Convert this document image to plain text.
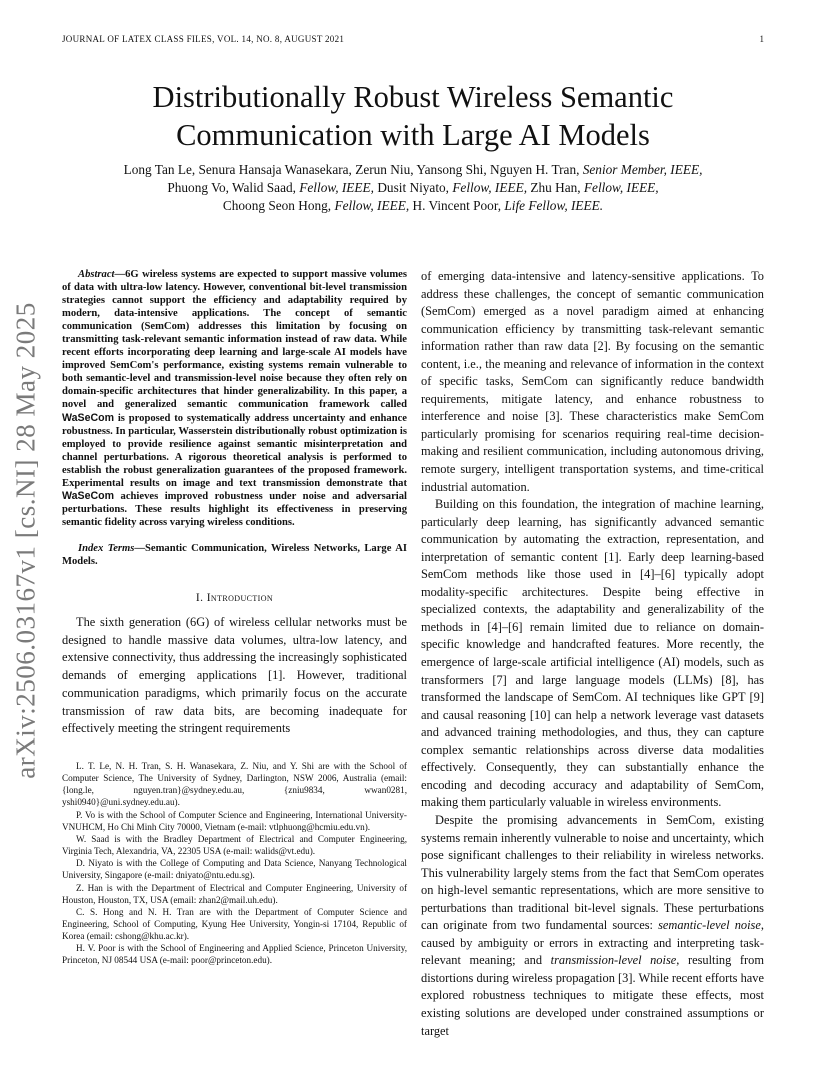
JOURNAL OF LATEX CLASS FILES, VOL. 14, NO. 8, AUGUST 2021	1
arXiv:2506.03167v1 [cs.NI] 28 May 2025
Distributionally Robust Wireless Semantic Communication with Large AI Models
Long Tan Le, Senura Hansaja Wanasekara, Zerun Niu, Yansong Shi, Nguyen H. Tran, Senior Member, IEEE,
Phuong Vo, Walid Saad, Fellow, IEEE, Dusit Niyato, Fellow, IEEE, Zhu Han, Fellow, IEEE,
Choong Seon Hong, Fellow, IEEE, H. Vincent Poor, Life Fellow, IEEE.

Abstract—6G wireless systems are expected to support massive volumes of data with ultra-low latency. However, conventional bit-level transmission strategies cannot support the efficiency and adaptability required by modern, data-intensive applications. The concept of semantic communication (SemCom) addresses this limitation by focusing on transmitting task-relevant semantic information instead of raw data. While recent efforts incorporating deep learning and large-scale AI models have improved SemCom's performance, existing systems remain vulnerable to both semantic-level and transmission-level noise because they often rely on domain-specific architectures that hinder generalizability. In this paper, a novel and generalized semantic communication framework called WaSeCom is proposed to systematically address uncertainty and enhance robustness. In particular, Wasserstein distributionally robust optimization is employed to provide resilience against semantic misinterpretation and channel perturbations. A rigorous theoretical analysis is performed to establish the robust generalization guarantees of the proposed framework. Experimental results on image and text transmission demonstrate that WaSeCom achieves improved robustness under noise and adversarial perturbations. These results highlight its effectiveness in preserving semantic fidelity across varying wireless conditions.

Index Terms—Semantic Communication, Wireless Networks, Large AI Models.

I. Introduction

The sixth generation (6G) of wireless cellular networks must be designed to handle massive data volumes, ultra-low latency, and extensive connectivity, thus addressing the increasingly sophisticated demands of emerging applications [1]. However, traditional communication paradigms, which primarily focus on the accurate transmission of raw data bits, are becoming inadequate for effectively meeting the stringent requirements

L. T. Le, N. H. Tran, S. H. Wanasekara, Z. Niu, and Y. Shi are with the School of Computer Science, The University of Sydney, Darlington, NSW 2006, Australia (email: {long.le, nguyen.tran}@sydney.edu.au, {zniu9834, wwan0281, yshi0940}@uni.sydney.edu.au).

P. Vo is with the School of Computer Science and Engineering, International University-VNUHCM, Ho Chi Minh City 70000, Vietnam (e-mail: vtlphuong@hcmiu.edu.vn).

W. Saad is with the Bradley Department of Electrical and Computer Engineering, Virginia Tech, Alexandria, VA, 22305 USA (e-mail: walids@vt.edu).

D. Niyato is with the College of Computing and Data Science, Nanyang Technological University, Singapore (e-mail: dniyato@ntu.edu.sg).

Z. Han is with the Department of Electrical and Computer Engineering, University of Houston, Houston, TX, USA (email: zhan2@mail.uh.edu).

C. S. Hong and N. H. Tran are with the Department of Computer Science and Engineering, School of Computing, Kyung Hee University, Yongin-si 17104, Republic of Korea (email: cshong@khu.ac.kr).

H. V. Poor is with the School of Engineering and Applied Science, Princeton University, Princeton, NJ 08544 USA (e-mail: poor@princeton.edu).

of emerging data-intensive and latency-sensitive applications. To address these challenges, the concept of semantic communication (SemCom) emerged as a novel paradigm aimed at enhancing communication efficiency by transmitting task-relevant semantic information rather than raw data [2]. By focusing on the semantic content, i.e., the meaning and relevance of information in the context of specific tasks, SemCom can significantly reduce bandwidth requirements, mitigate latency, and enhance robustness to interference and noise [3]. These characteristics make SemCom particularly promising for scenarios requiring real-time decision-making and resilient communication, including autonomous driving, remote surgery, intelligent transportation systems, and time-critical industrial automation.

Building on this foundation, the integration of machine learning, particularly deep learning, has significantly advanced semantic communication by automating the extraction, representation, and interpretation of semantic content [1]. Early deep learning-based SemCom methods like those used in [4]–[6] typically adopt modality-specific architectures. Despite being effective in specialized contexts, the adaptability and generalizability of the methods in [4]–[6] remain limited due to reliance on domain-specific knowledge and handcrafted features. More recently, the emergence of large-scale artificial intelligence (AI) models, such as transformers [7] and large language models (LLMs) [8], has transformed the landscape of SemCom. AI techniques like GPT [9] and causal reasoning [10] can help a network leverage vast datasets and advanced training methodologies, and thus, they can capture complex semantic relationships across diverse data modalities effectively. Consequently, they can substantially enhance the encoding and decoding accuracy and adaptability of SemCom, making them particularly valuable in wireless environments.

Despite the promising advancements in SemCom, existing systems remain inherently vulnerable to noise and uncertainty, which pose significant challenges to their reliability in wireless networks. This vulnerability largely stems from the fact that SemCom operates on high-level semantic representations, which are more sensitive to perturbations than traditional bit-level signals. These perturbations can originate from two fundamental sources: semantic-level noise, caused by ambiguity or errors in extracting and interpreting task-relevant meaning; and transmission-level noise, resulting from distortions during wireless propagation [3]. While recent efforts have explored robustness techniques to mitigate these effects, most existing solutions are developed under constrained assumptions or target
